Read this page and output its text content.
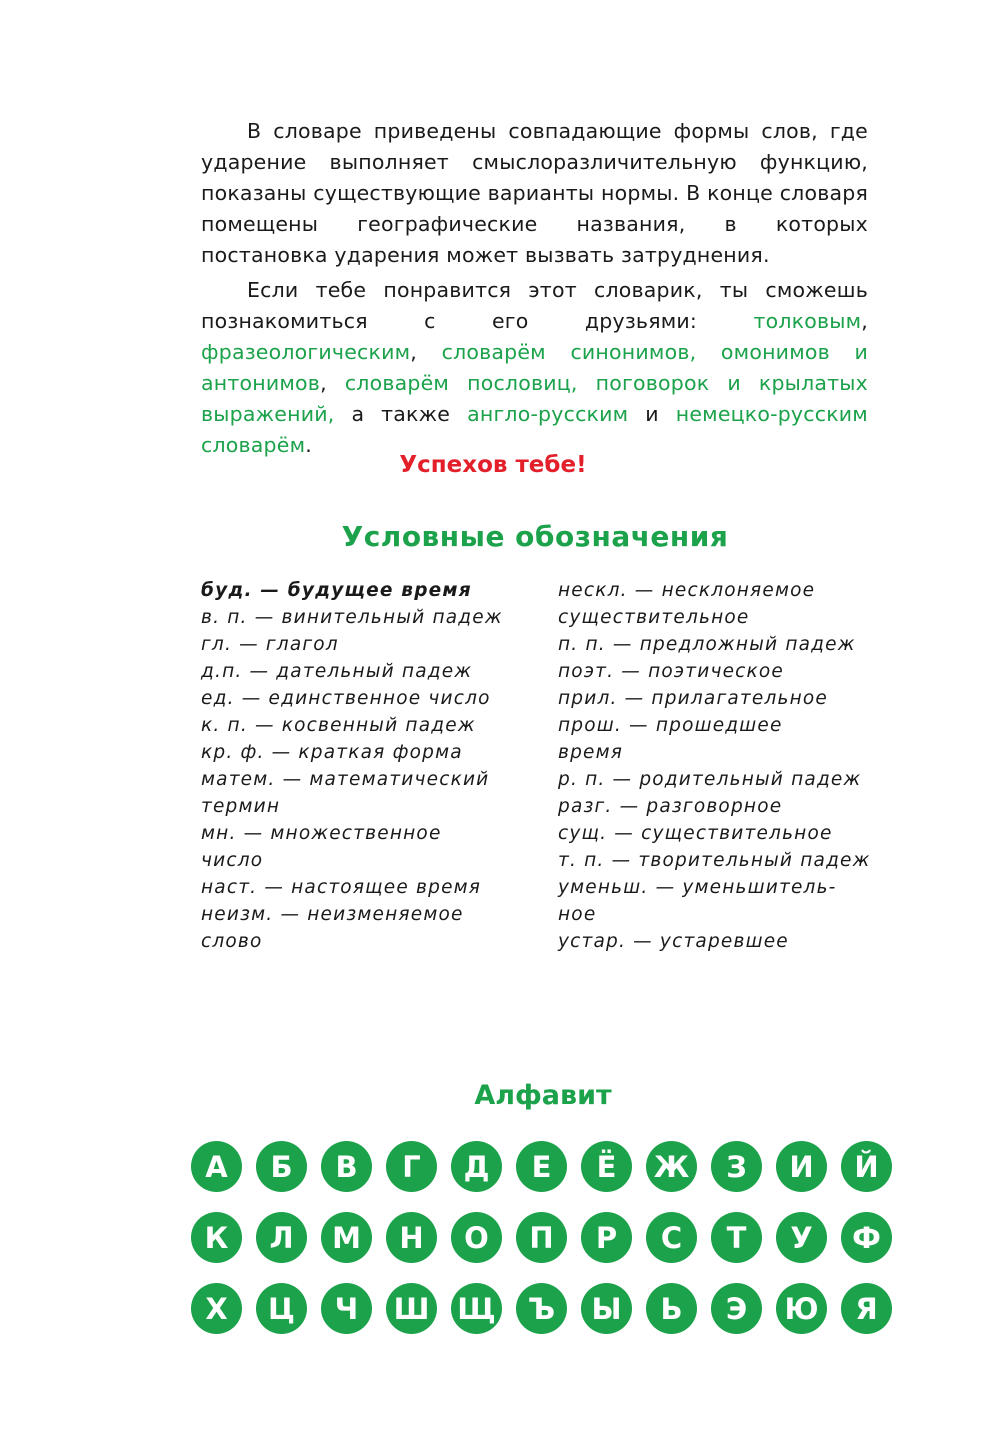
В словаре приведены совпадающие формы слов, где ударение выполняет смыслоразличительную функцию, показаны существующие варианты нормы. В конце словаря помещены географические названия, в которых постановка ударения может вызвать затруднения.

Если тебе понравится этот словарик, ты сможешь познакомиться с его друзьями: толковым, фразеологическим, словарём синонимов, омонимов и антонимов, словарём пословиц, поговорок и крылатых выражений, а также англо-русским и немецко-русским словарём.

Успехов тебе!
Условные обозначения
буд. — будущее время
в. п. — винительный падеж
гл. — глагол
д.п. — дательный падеж
ед. — единственное число
к. п. — косвенный падеж
кр. ф. — краткая форма
матем. — математический
термин
мн. — множественное
число
наст. — настоящее время
неизм. — неизменяемое
слово
нескл. — несклоняемое
существительное
п. п. — предложный падеж
поэт. — поэтическое
прил. — прилагательное
прош. — прошедшее
время
р. п. — родительный падеж
разг. — разговорное
сущ. — существительное
т. п. — творительный падеж
уменьш. — уменьшитель-
ное
устар. — устаревшее
Алфавит
А	Б	В	Г	Д	Е	Ё	Ж	З	И	Й
К	Л	М	Н	О	П	Р	С	Т	У	Ф
Х	Ц	Ч	Ш Щ	Ъ	Ы	Ь	Э	Ю	Я
